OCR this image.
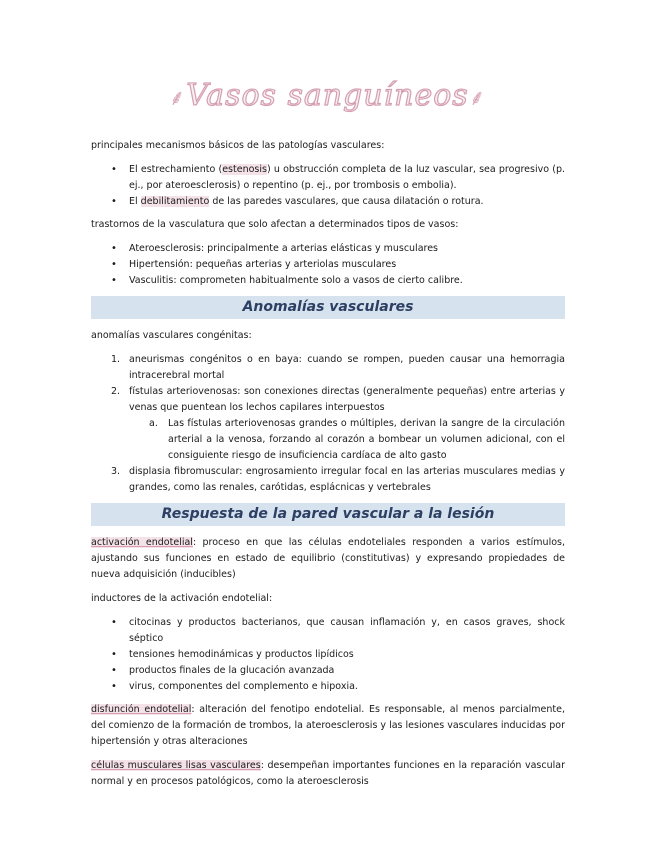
⸙Vasos sanguíneos⸙

principales mecanismos básicos de las patologías vasculares:

• El estrechamiento (estenosis) u obstrucción completa de la luz vascular, sea progresivo (p. ej., por ateroesclerosis) o repentino (p. ej., por trombosis o embolia).
• El debilitamiento de las paredes vasculares, que causa dilatación o rotura.

trastornos de la vasculatura que solo afectan a determinados tipos de vasos:

• Ateroesclerosis: principalmente a arterias elásticas y musculares
• Hipertensión: pequeñas arterias y arteriolas musculares
• Vasculitis: comprometen habitualmente solo a vasos de cierto calibre.
Anomalías vasculares

anomalías vasculares congénitas:

1. aneurismas congénitos o en baya: cuando se rompen, pueden causar una hemorragia intracerebral mortal
2. fístulas arteriovenosas: son conexiones directas (generalmente pequeñas) entre arterias y venas que puentean los lechos capilares interpuestos
a. Las fístulas arteriovenosas grandes o múltiples, derivan la sangre de la circulación arterial a la venosa, forzando al corazón a bombear un volumen adicional, con el consiguiente riesgo de insuficiencia cardíaca de alto gasto
3. displasia fibromuscular: engrosamiento irregular focal en las arterias musculares medias y grandes, como las renales, carótidas, esplácnicas y vertebrales
Respuesta de la pared vascular a la lesión

activación endotelial: proceso en que las células endoteliales responden a varios estímulos, ajustando sus funciones en estado de equilibrio (constitutivas) y expresando propiedades de nueva adquisición (inducibles)

inductores de la activación endotelial:

• citocinas y productos bacterianos, que causan inflamación y, en casos graves, shock séptico
• tensiones hemodinámicas y productos lipídicos
• productos finales de la glucación avanzada
• virus, componentes del complemento e hipoxia.

disfunción endotelial: alteración del fenotipo endotelial. Es responsable, al menos parcialmente, del comienzo de la formación de trombos, la ateroesclerosis y las lesiones vasculares inducidas por hipertensión y otras alteraciones

células musculares lisas vasculares: desempeñan importantes funciones en la reparación vascular normal y en procesos patológicos, como la ateroesclerosis
